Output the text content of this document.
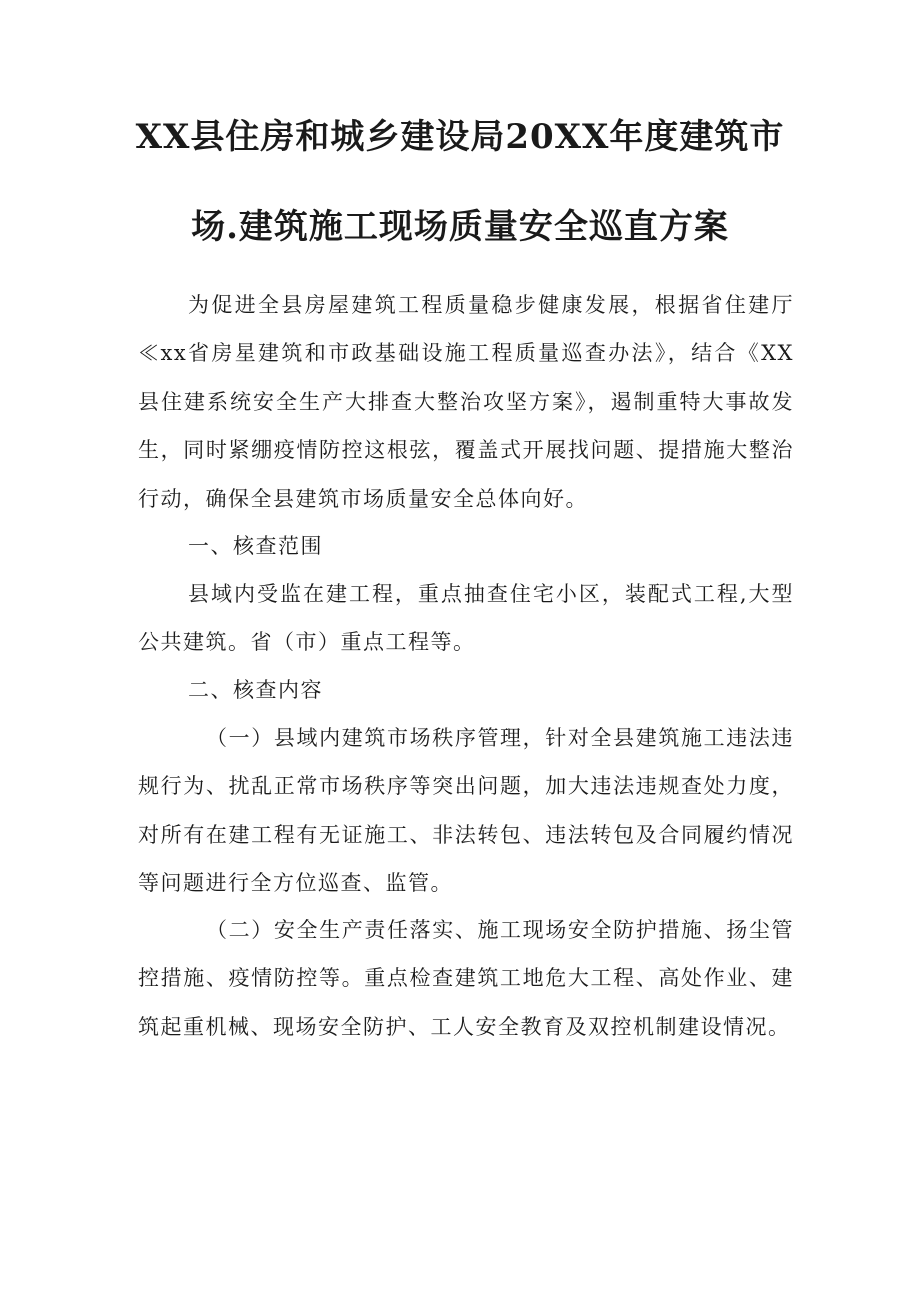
XX县住房和城乡建设局20XX年度建筑市
场.建筑施工现场质量安全巡直方案
为促进全县房屋建筑工程质量稳步健康发展，根据省住建厅≪xx省房星建筑和市政基础设施工程质量巡查办法》，结合《XX县住建系统安全生产大排查大整治攻坚方案》，遏制重特大事故发生，同时紧绷疫情防控这根弦，覆盖式开展找问题、提措施大整治行动，确保全县建筑市场质量安全总体向好。
一、核查范围
县域内受监在建工程，重点抽查住宅小区，装配式工程,大型公共建筑。省（市）重点工程等。
二、核查内容
（一）县域内建筑市场秩序管理，针对全县建筑施工违法违规行为、扰乱正常市场秩序等突出问题，加大违法违规查处力度，对所有在建工程有无证施工、非法转包、违法转包及合同履约情况等问题进行全方位巡查、监管。
（二）安全生产责任落实、施工现场安全防护措施、扬尘管控措施、疫情防控等。重点检查建筑工地危大工程、高处作业、建筑起重机械、现场安全防护、工人安全教育及双控机制建设情况。
